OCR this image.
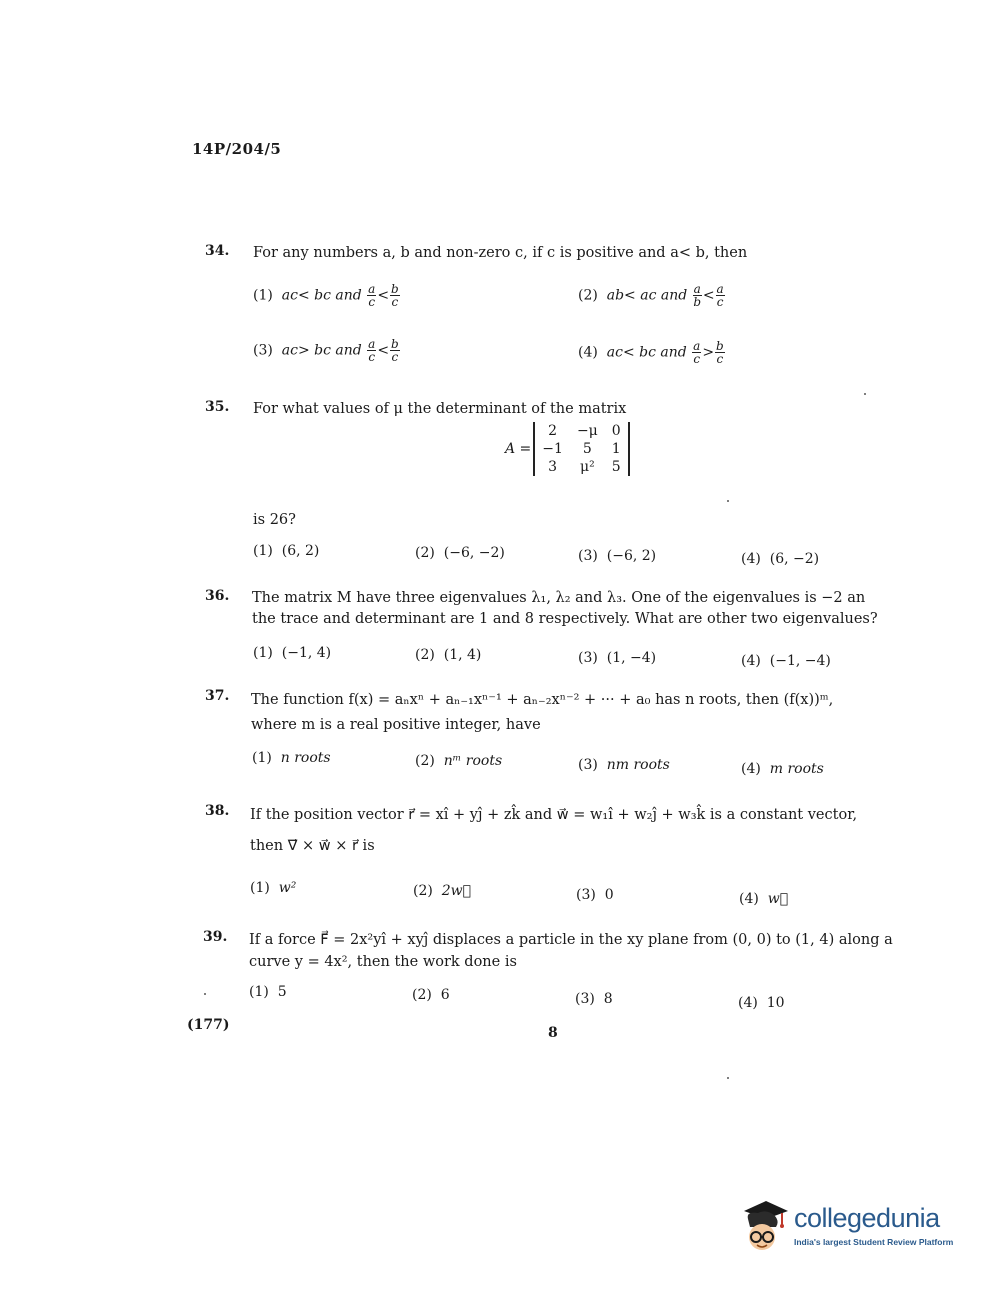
14P/204/5
34. For any numbers a, b and non-zero c, if c is positive and a< b, then
(1) ac< bc and $\frac{a}{c} < \frac{b}{c}$	(2) ab< ac and $\frac{a}{b} < \frac{a}{c}$
(3) ac> bc and $\frac{a}{c} < \frac{b}{c}$	(4) ac< bc and $\frac{a}{c} > \frac{b}{c}$
35. For what values of μ the determinant of the matrix
A =	
2	−μ	0
−1	5	1
3	μ²	5
is 26?
(1) (6, 2)	(2) (−6, −2)	(3) (−6, 2)	(4) (6, −2)
36. The matrix M have three eigenvalues λ₁, λ₂ and λ₃. One of the eigenvalues is −2 an
the trace and determinant are 1 and 8 respectively. What are other two eigenvalues?
(1) (−1, 4)	(2) (1, 4)	(3) (1, −4)	(4) (−1, −4)
37. The function f(x) = aₙxⁿ + aₙ₋₁xⁿ⁻¹ + aₙ₋₂xⁿ⁻² + ··· + a₀ has n roots, then (f(x))ᵐ,
where m is a real positive integer, have
(1) n roots	(2) nᵐ roots	(3) nm roots	(4) m roots
38. If the position vector r⃗ = xî + yĵ + zk̂ and w⃗ = w₁î + w₂ĵ + w₃k̂ is a constant vector,
then ∇⃗ × w⃗ × r⃗ is
(1) w²	(2) 2w⃗	(3) 0	(4) w⃗
39. If a force F⃗ = 2x²yî + xyĵ displaces a particle in the xy plane from (0, 0) to (1, 4) along a
curve y = 4x², then the work done is
(1) 5	(2) 6	(3) 8	(4) 10
(177)	8
collegedunia
India's largest Student Review Platform
